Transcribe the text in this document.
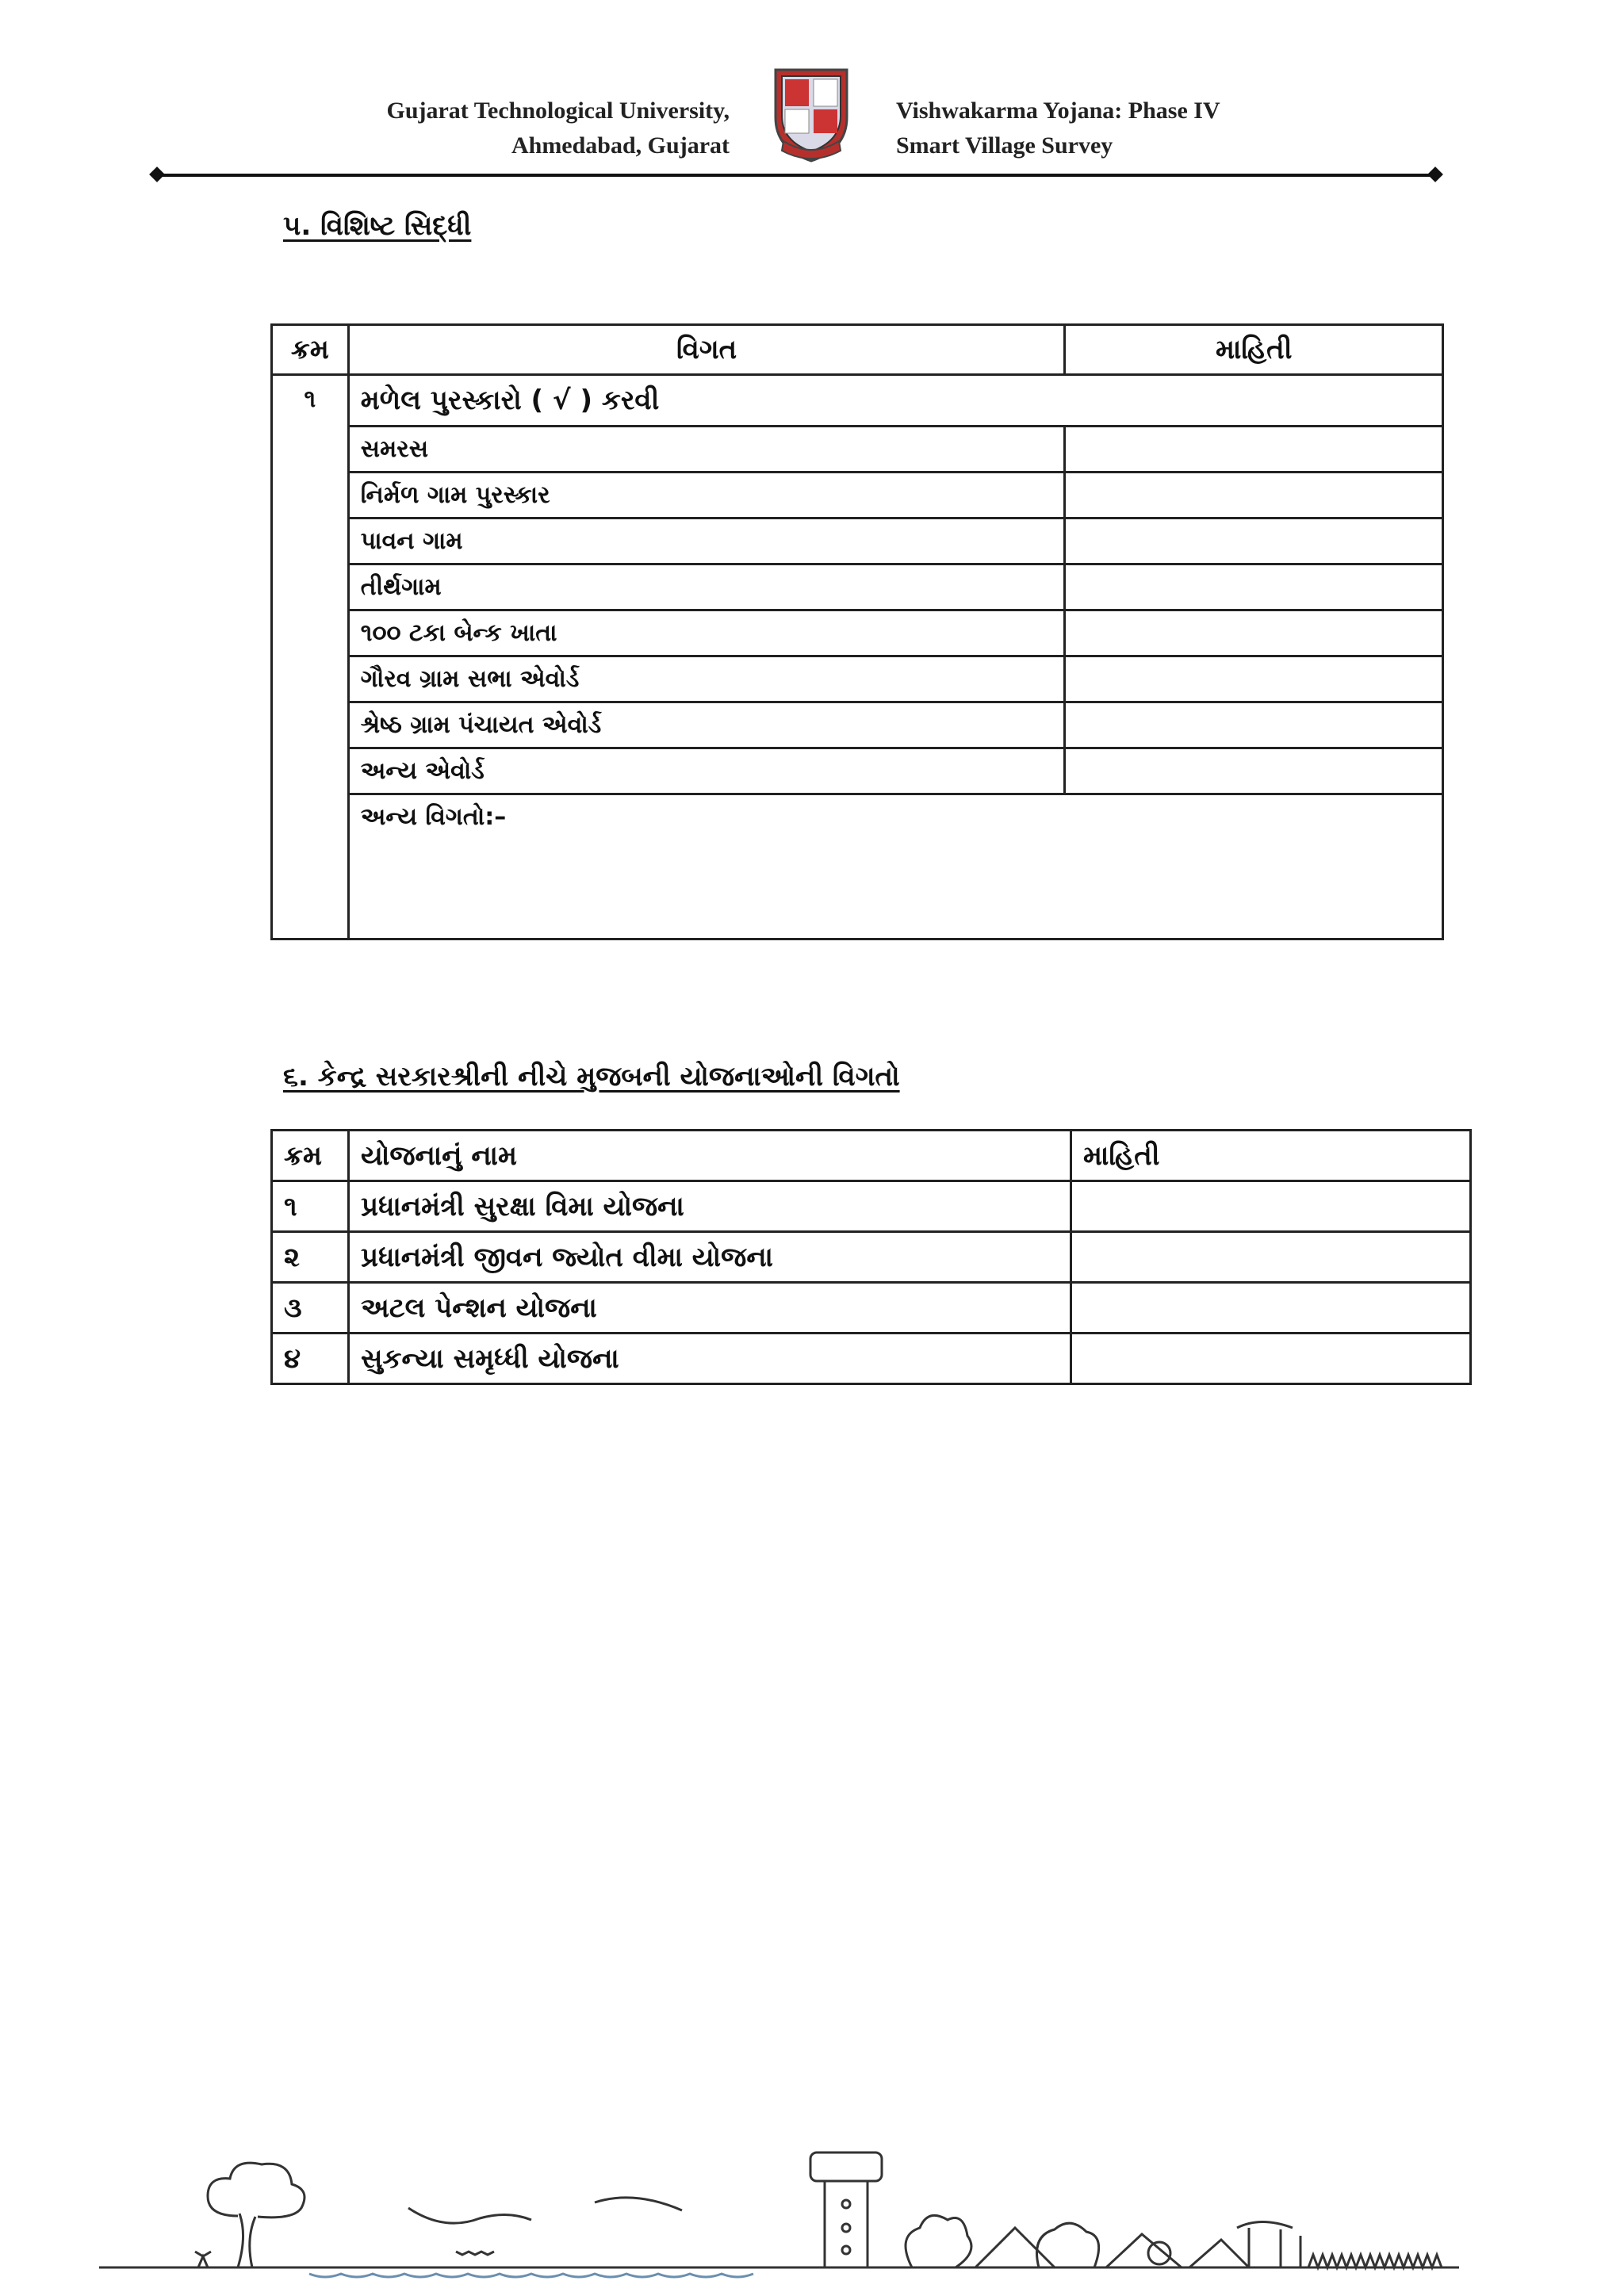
Gujarat Technological University,
Ahmedabad, Gujarat
Vishwakarma Yojana: Phase IV
Smart Village Survey
૫. વિશિષ્ટ સિદ્ધી
ક્રમ	વિગત	માહિતી
૧	મળેલ પુરસ્કારો ( √ ) કરવી	
	સમરસ	
	નિર્મળ ગામ પુરસ્કાર	
	પાવન ગામ	
	તીર્થગામ	
	૧૦૦ ટકા બેન્ક ખાતા	
	ગૌરવ ગ્રામ સભા એવોર્ડ	
	શ્રેષ્ઠ ગ્રામ પંચાયત એવોર્ડ	
	અન્ય એવોર્ડ	
	અન્ય વિગતો:–	
૬. કેન્દ્ર સરકારશ્રીની નીચે મુજબની યોજનાઓની વિગતો
ક્રમ	યોજનાનું નામ	માહિતી
૧	પ્રધાનમંત્રી સુરક્ષા વિમા યોજના	
૨	પ્રધાનમંત્રી જીવન જ્યોત વીમા યોજના	
૩	અટલ પેન્શન યોજના	
૪	સુકન્યા સમૃધ્ધી યોજના	
